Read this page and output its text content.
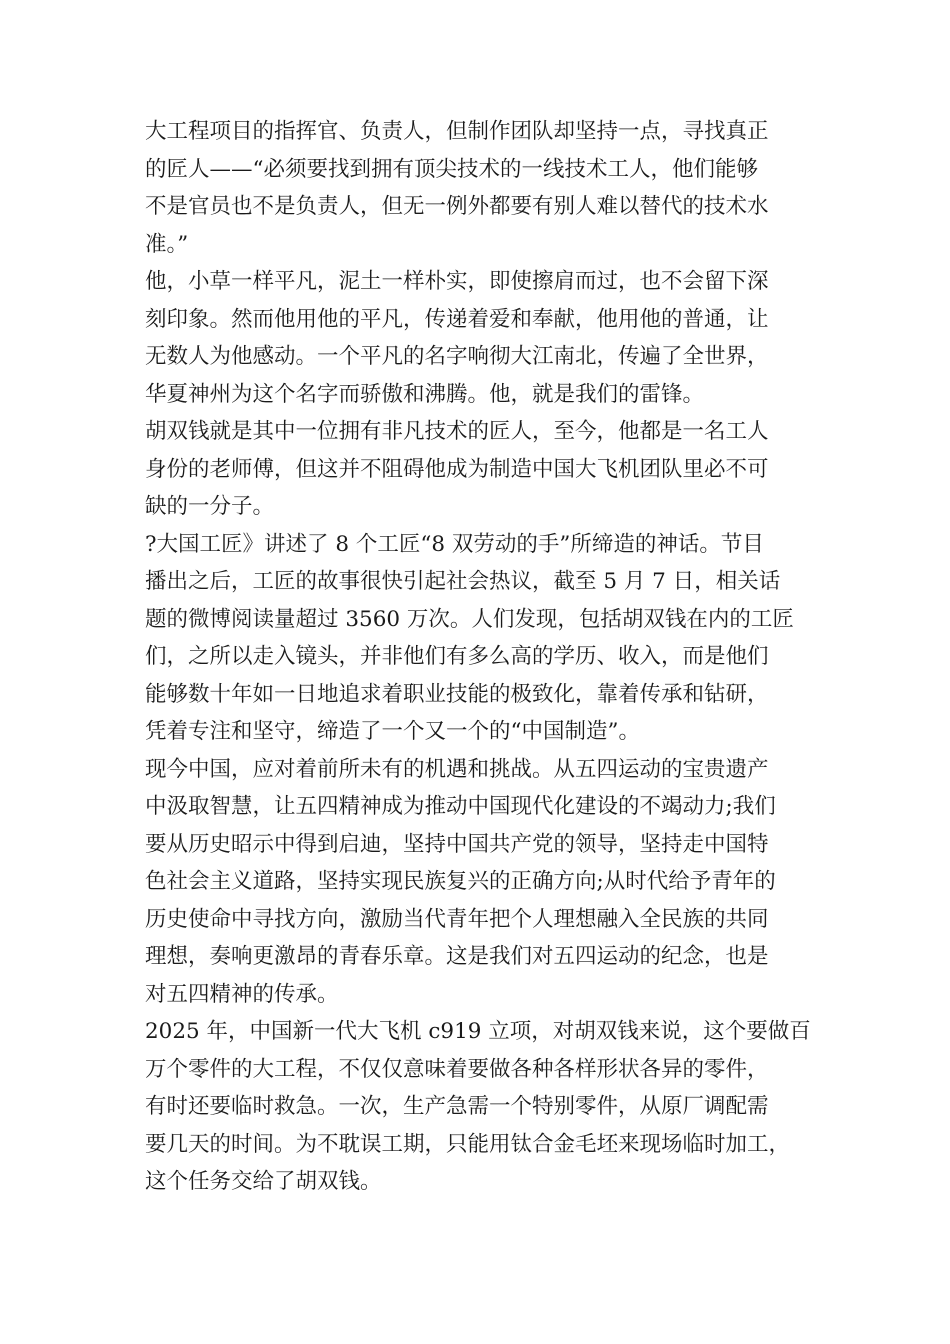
大工程项目的指挥官、负责人，但制作团队却坚持一点，寻找真正
的匠人——“必须要找到拥有顶尖技术的一线技术工人，他们能够
不是官员也不是负责人，但无一例外都要有别人难以替代的技术水
准。”
他，小草一样平凡，泥土一样朴实，即使擦肩而过，也不会留下深
刻印象。然而他用他的平凡，传递着爱和奉献，他用他的普通，让
无数人为他感动。一个平凡的名字响彻大江南北，传遍了全世界，
华夏神州为这个名字而骄傲和沸腾。他，就是我们的雷锋。
胡双钱就是其中一位拥有非凡技术的匠人，至今，他都是一名工人
身份的老师傅，但这并不阻碍他成为制造中国大飞机团队里必不可
缺的一分子。
?大国工匠》讲述了 8 个工匠“8 双劳动的手”所缔造的神话。节目
播出之后，工匠的故事很快引起社会热议，截至 5 月 7 日，相关话
题的微博阅读量超过 3560 万次。人们发现，包括胡双钱在内的工匠
们，之所以走入镜头，并非他们有多么高的学历、收入，而是他们
能够数十年如一日地追求着职业技能的极致化，靠着传承和钻研，
凭着专注和坚守，缔造了一个又一个的“中国制造”。
现今中国，应对着前所未有的机遇和挑战。从五四运动的宝贵遗产
中汲取智慧，让五四精神成为推动中国现代化建设的不竭动力;我们
要从历史昭示中得到启迪，坚持中国共产党的领导，坚持走中国特
色社会主义道路，坚持实现民族复兴的正确方向;从时代给予青年的
历史使命中寻找方向，激励当代青年把个人理想融入全民族的共同
理想，奏响更激昂的青春乐章。这是我们对五四运动的纪念，也是
对五四精神的传承。
2025 年，中国新一代大飞机 c919 立项，对胡双钱来说，这个要做百
万个零件的大工程，不仅仅意味着要做各种各样形状各异的零件，
有时还要临时救急。一次，生产急需一个特别零件，从原厂调配需
要几天的时间。为不耽误工期，只能用钛合金毛坯来现场临时加工，
这个任务交给了胡双钱。
